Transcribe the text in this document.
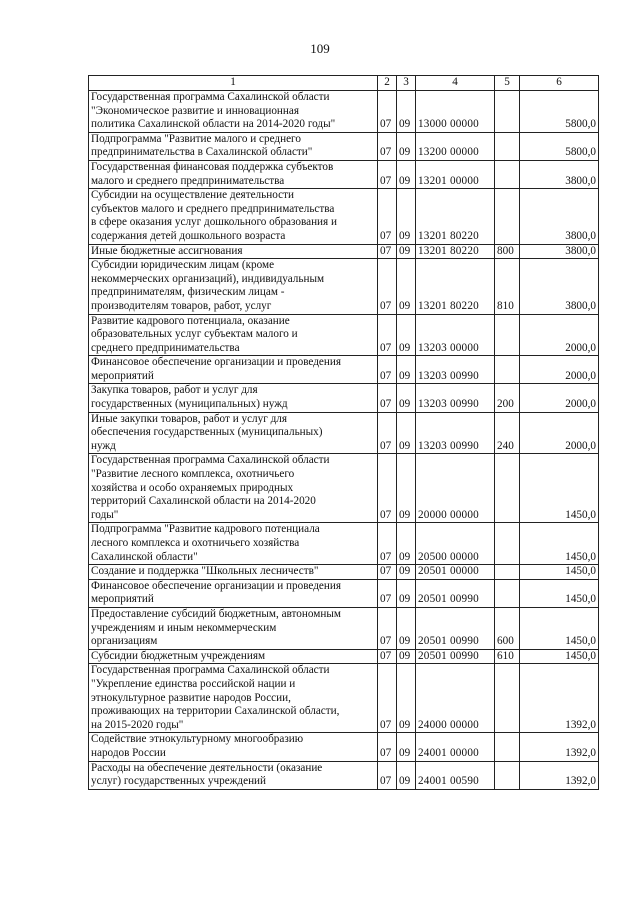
109
1	2	3	4	5	6
Государственная программа Сахалинской области
"Экономическое развитие и инновационная
политика Сахалинской области на 2014-2020 годы"	07	09	13000 00000		5800,0
Подпрограмма "Развитие малого и среднего
предпринимательства в Сахалинской области"	07	09	13200 00000		5800,0
Государственная финансовая поддержка субъектов
малого и среднего предпринимательства	07	09	13201 00000		3800,0
Субсидии на осуществление деятельности
субъектов малого и среднего предпринимательства
в сфере оказания услуг дошкольного образования и
содержания детей дошкольного возраста	07	09	13201 80220		3800,0
Иные бюджетные ассигнования	07	09	13201 80220	800	3800,0
Субсидии юридическим лицам (кроме
некоммерческих организаций), индивидуальным
предпринимателям, физическим лицам -
производителям товаров, работ, услуг	07	09	13201 80220	810	3800,0
Развитие кадрового потенциала, оказание
образовательных услуг субъектам малого и
среднего предпринимательства	07	09	13203 00000		2000,0
Финансовое обеспечение организации и проведения
мероприятий	07	09	13203 00990		2000,0
Закупка товаров, работ и услуг для
государственных (муниципальных) нужд	07	09	13203 00990	200	2000,0
Иные закупки товаров, работ и услуг для
обеспечения государственных (муниципальных)
нужд	07	09	13203 00990	240	2000,0
Государственная программа Сахалинской области
"Развитие лесного комплекса, охотничьего
хозяйства и особо охраняемых природных
территорий Сахалинской области на 2014-2020
годы"	07	09	20000 00000		1450,0
Подпрограмма "Развитие кадрового потенциала
лесного комплекса и охотничьего хозяйства
Сахалинской области"	07	09	20500 00000		1450,0
Создание и поддержка "Школьных лесничеств"	07	09	20501 00000		1450,0
Финансовое обеспечение организации и проведения
мероприятий	07	09	20501 00990		1450,0
Предоставление субсидий бюджетным, автономным
учреждениям и иным некоммерческим
организациям	07	09	20501 00990	600	1450,0
Субсидии бюджетным учреждениям	07	09	20501 00990	610	1450,0
Государственная программа Сахалинской области
"Укрепление единства российской нации и
этнокультурное развитие народов России,
проживающих на территории Сахалинской области,
на 2015-2020 годы"	07	09	24000 00000		1392,0
Содействие этнокультурному многообразию
народов России	07	09	24001 00000		1392,0
Расходы на обеспечение деятельности (оказание
услуг) государственных учреждений	07	09	24001 00590		1392,0
